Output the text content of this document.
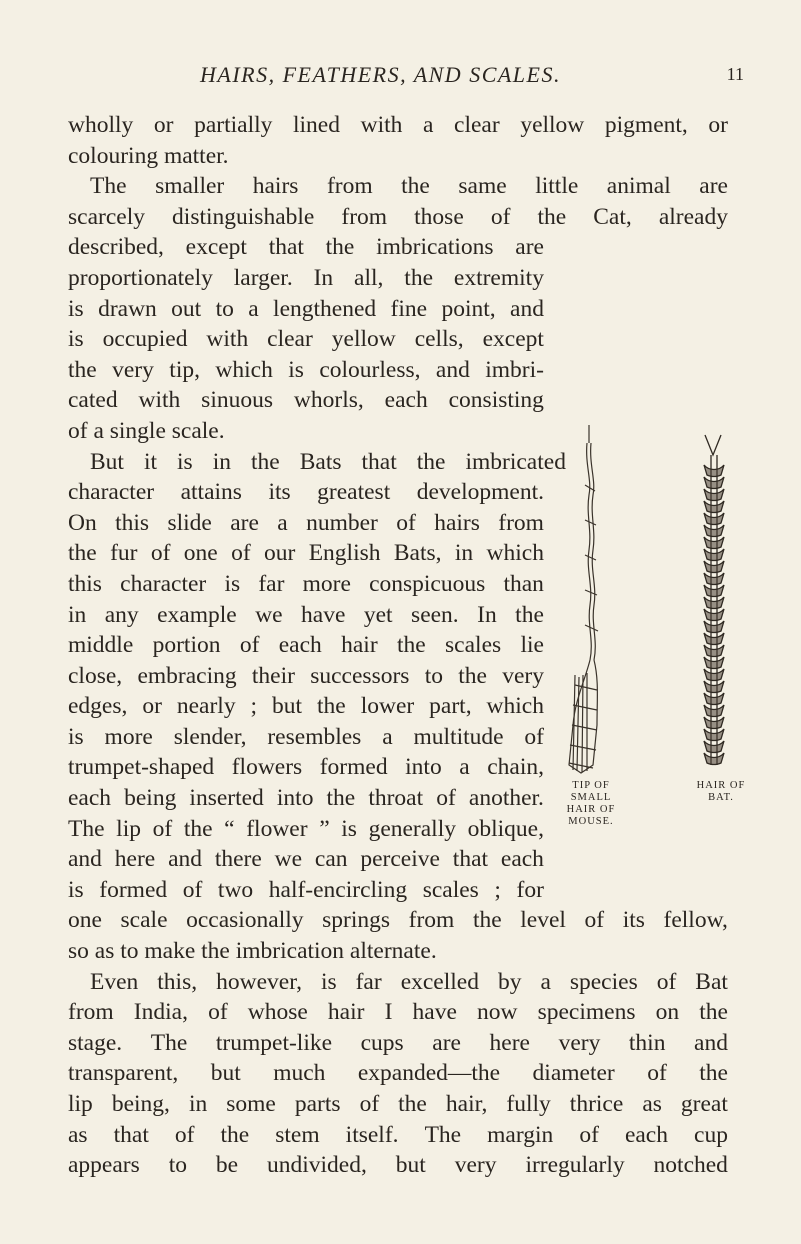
HAIRS, FEATHERS, AND SCALES.	11
wholly or partially lined with a clear yellow pigment, or
colouring matter.
The smaller hairs from the same little animal are
scarcely distinguishable from those of the Cat, already
described, except that the imbrications are
proportionately larger. In all, the extremity
is drawn out to a lengthened fine point, and
is occupied with clear yellow cells, except
the very tip, which is colourless, and imbri-
cated with sinuous whorls, each consisting
of a single scale.
But it is in the Bats that the imbricated
character attains its greatest development.
On this slide are a number of hairs from
the fur of one of our English Bats, in which
this character is far more conspicuous than
in any example we have yet seen. In the
middle portion of each hair the scales lie
close, embracing their successors to the very
edges, or nearly ; but the lower part, which
is more slender, resembles a multitude of
trumpet-shaped flowers formed into a chain,
each being inserted into the throat of another.
The lip of the “ flower ” is generally oblique,
and here and there we can perceive that each
is formed of two half-encircling scales ; for
one scale occasionally springs from the level of its fellow,
so as to make the imbrication alternate.
Even this, however, is far excelled by a species of Bat
from India, of whose hair I have now specimens on the
stage. The trumpet-like cups are here very thin and
transparent, but much expanded—the diameter of the
lip being, in some parts of the hair, fully thrice as great
as that of the stem itself. The margin of each cup
appears to be undivided, but very irregularly notched
TIP OF SMALL HAIR OF MOUSE.
HAIR OF BAT.
